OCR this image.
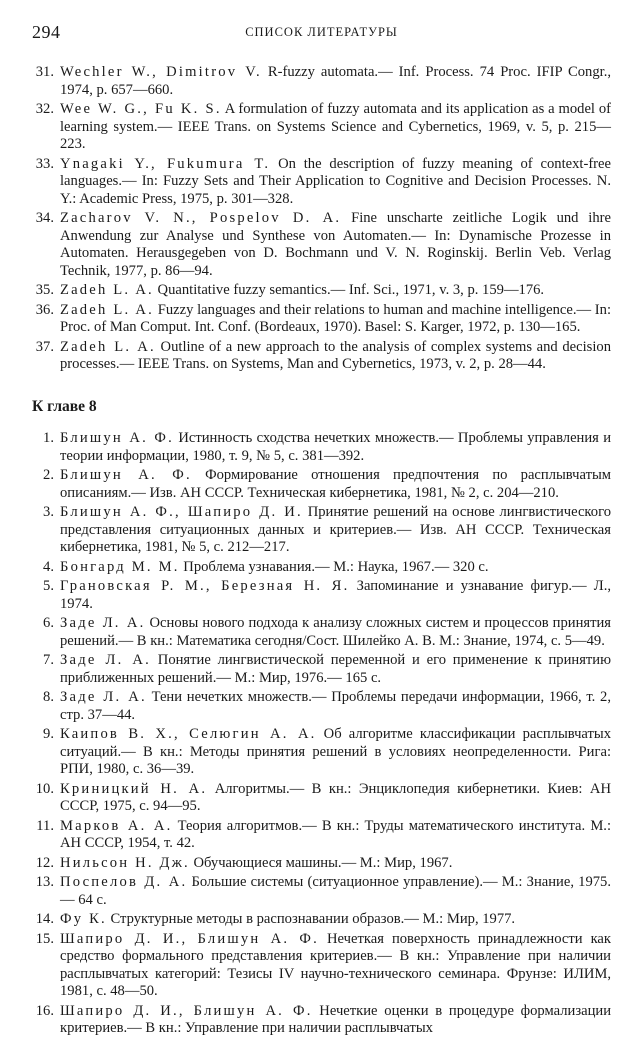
294	СПИСОК ЛИТЕРАТУРЫ

31. Wechler W., Dimitrov V. R-fuzzy automata.— Inf. Process. 74 Proc. IFIP Congr., 1974, p. 657—660.

32. Wee W. G., Fu K. S. A formulation of fuzzy automata and its application as a model of learning system.— IEEE Trans. on Systems Science and Cybernetics, 1969, v. 5, p. 215—223.

33. Ynagaki Y., Fukumura T. On the description of fuzzy meaning of context-free languages.— In: Fuzzy Sets and Their Application to Cognitive and Decision Processes. N. Y.: Academic Press, 1975, p. 301—328.

34. Zacharov V. N., Pospelov D. A. Fine unscharte zeitliche Logik und ihre Anwendung zur Analyse und Synthese von Automaten.— In: Dynamische Prozesse in Automaten. Herausgegeben von D. Bochmann und V. N. Roginskij. Berlin Veb. Verlag Technik, 1977, p. 86—94.

35. Zadeh L. A. Quantitative fuzzy semantics.— Inf. Sci., 1971, v. 3, p. 159—176.

36. Zadeh L. A. Fuzzy languages and their relations to human and machine intelligence.— In: Proc. of Man Comput. Int. Conf. (Bordeaux, 1970). Basel: S. Karger, 1972, p. 130—165.

37. Zadeh L. A. Outline of a new approach to the analysis of complex systems and decision processes.— IEEE Trans. on Systems, Man and Cybernetics, 1973, v. 2, p. 28—44.

К главе 8

1. Блишун А. Ф. Истинность сходства нечетких множеств.— Проблемы управления и теории информации, 1980, т. 9, № 5, с. 381—392.

2. Блишун А. Ф. Формирование отношения предпочтения по расплывчатым описаниям.— Изв. АН СССР. Техническая кибернетика, 1981, № 2, с. 204—210.

3. Блишун А. Ф., Шапиро Д. И. Принятие решений на основе лингвистического представления ситуационных данных и критериев.— Изв. АН СССР. Техническая кибернетика, 1981, № 5, с. 212—217.

4. Бонгард М. М. Проблема узнавания.— М.: Наука, 1967.— 320 с.

5. Грановская Р. М., Березная Н. Я. Запоминание и узнавание фигур.— Л., 1974.

6. Заде Л. А. Основы нового подхода к анализу сложных систем и процессов принятия решений.— В кн.: Математика сегодня/Сост. Шилейко А. В. М.: Знание, 1974, с. 5—49.

7. Заде Л. А. Понятие лингвистической переменной и его применение к принятию приближенных решений.— М.: Мир, 1976.— 165 с.

8. Заде Л. А. Тени нечетких множеств.— Проблемы передачи информации, 1966, т. 2, стр. 37—44.

9. Каипов В. Х., Селюгин А. А. Об алгоритме классификации расплывчатых ситуаций.— В кн.: Методы принятия решений в условиях неопределенности. Рига: РПИ, 1980, с. 36—39.

10. Криницкий Н. А. Алгоритмы.— В кн.: Энциклопедия кибернетики. Киев: АН СССР, 1975, с. 94—95.

11. Марков А. А. Теория алгоритмов.— В кн.: Труды математического института. М.: АН СССР, 1954, т. 42.

12. Нильсон Н. Дж. Обучающиеся машины.— М.: Мир, 1967.

13. Поспелов Д. А. Большие системы (ситуационное управление).— М.: Знание, 1975.— 64 с.

14. Фу К. Структурные методы в распознавании образов.— М.: Мир, 1977.

15. Шапиро Д. И., Блишун А. Ф. Нечеткая поверхность принадлежности как средство формального представления критериев.— В кн.: Управление при наличии расплывчатых категорий: Тезисы IV научно-технического семинара. Фрунзе: ИЛИМ, 1981, с. 48—50.

16. Шапиро Д. И., Блишун А. Ф. Нечеткие оценки в процедуре формализации критериев.— В кн.: Управление при наличии расплывчатых
